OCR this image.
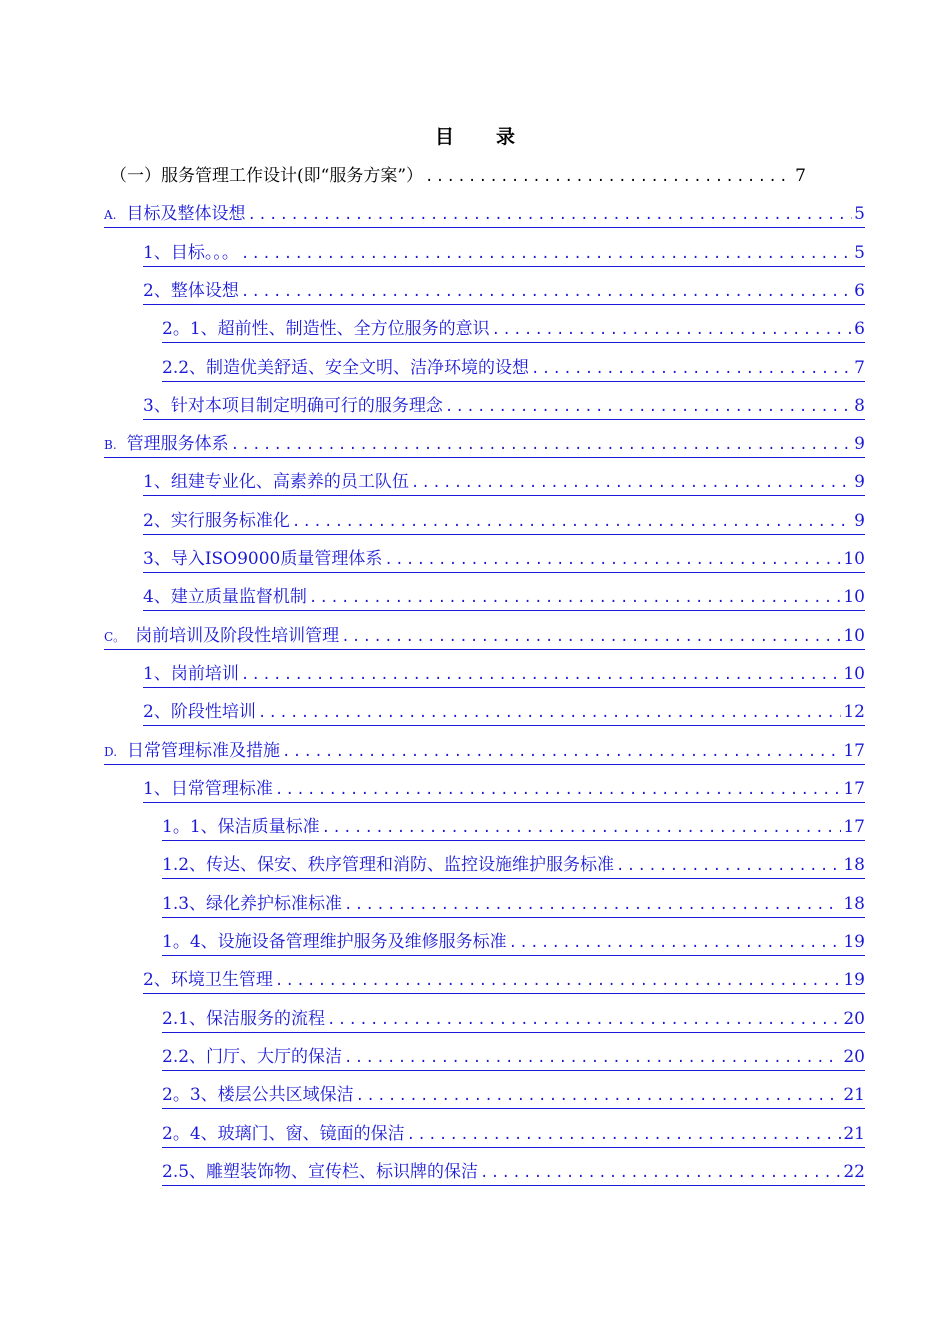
目 录
（一）服务管理工作设计(即“服务方案”） .....	7
A. 目标及整体设想 .....	5
1、目标。。。 .....	5
2、整体设想 .....	6
2。1、超前性、制造性、全方位服务的意识 .....	6
2.2、制造优美舒适、安全文明、洁净环境的设想 .....	7
3、针对本项目制定明确可行的服务理念 .....	8
B. 管理服务体系 .....	9
1、组建专业化、高素养的员工队伍 .....	9
2、实行服务标准化 .....	9
3、导入ISO9000质量管理体系 .....	10
4、建立质量监督机制 .....	10
C。 岗前培训及阶段性培训管理 .....	10
1、岗前培训 .....	10
2、阶段性培训 .....	12
D. 日常管理标准及措施 .....	17
1、日常管理标准 .....	17
1。1、保洁质量标准 .....	17
1.2、传达、保安、秩序管理和消防、监控设施维护服务标准 .....	18
1.3、绿化养护标准标准 .....	18
1。4、设施设备管理维护服务及维修服务标准 .....	19
2、环境卫生管理 .....	19
2.1、保洁服务的流程 .....	20
2.2、门厅、大厅的保洁 .....	20
2。3、楼层公共区域保洁 .....	21
2。4、玻璃门、窗、镜面的保洁 .....	21
2.5、雕塑装饰物、宣传栏、标识牌的保洁 .....	22
